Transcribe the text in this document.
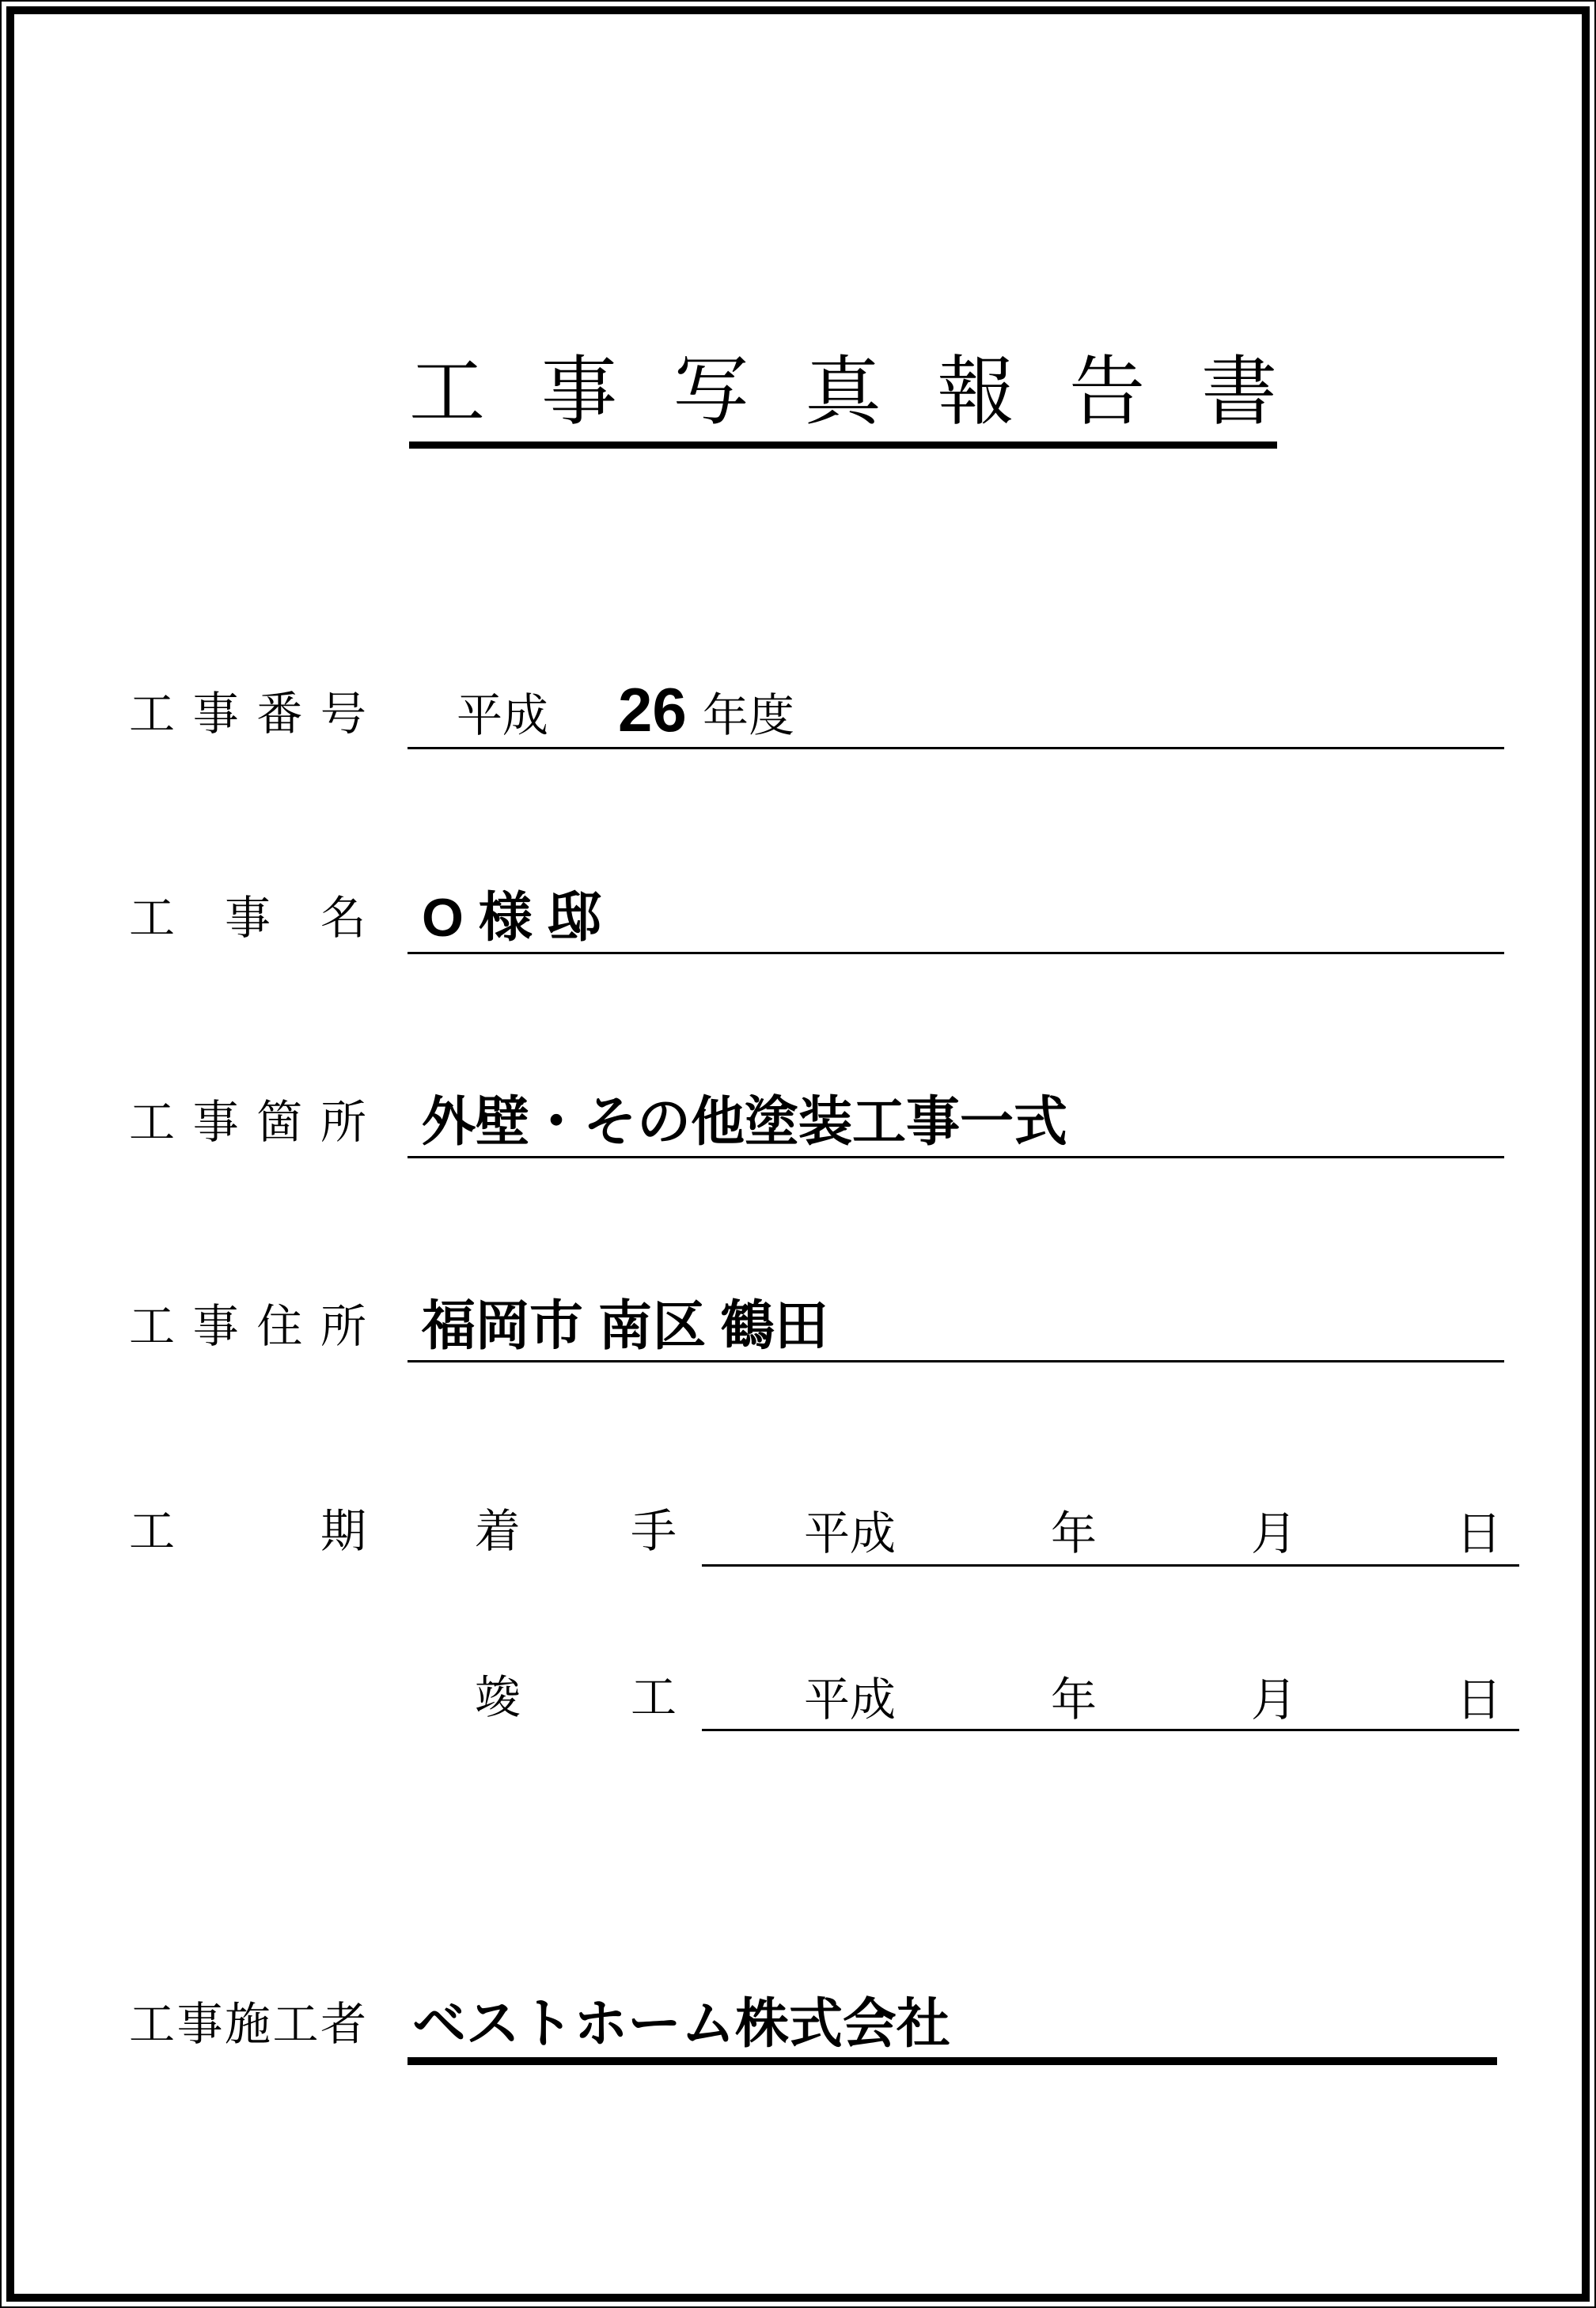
工 事 写 真 報 告 書
工 事 番 号 平成 26 年度
工 事 名 O 様 邸
工 事 箇 所 外壁・その他塗装工事一式
工 事 住 所 福岡市 南区 鶴田
工	期 着 手	平成	年	月	日
竣 工	平成	年	月	日
工 事 施 工 者 ベストホーム株式会社
